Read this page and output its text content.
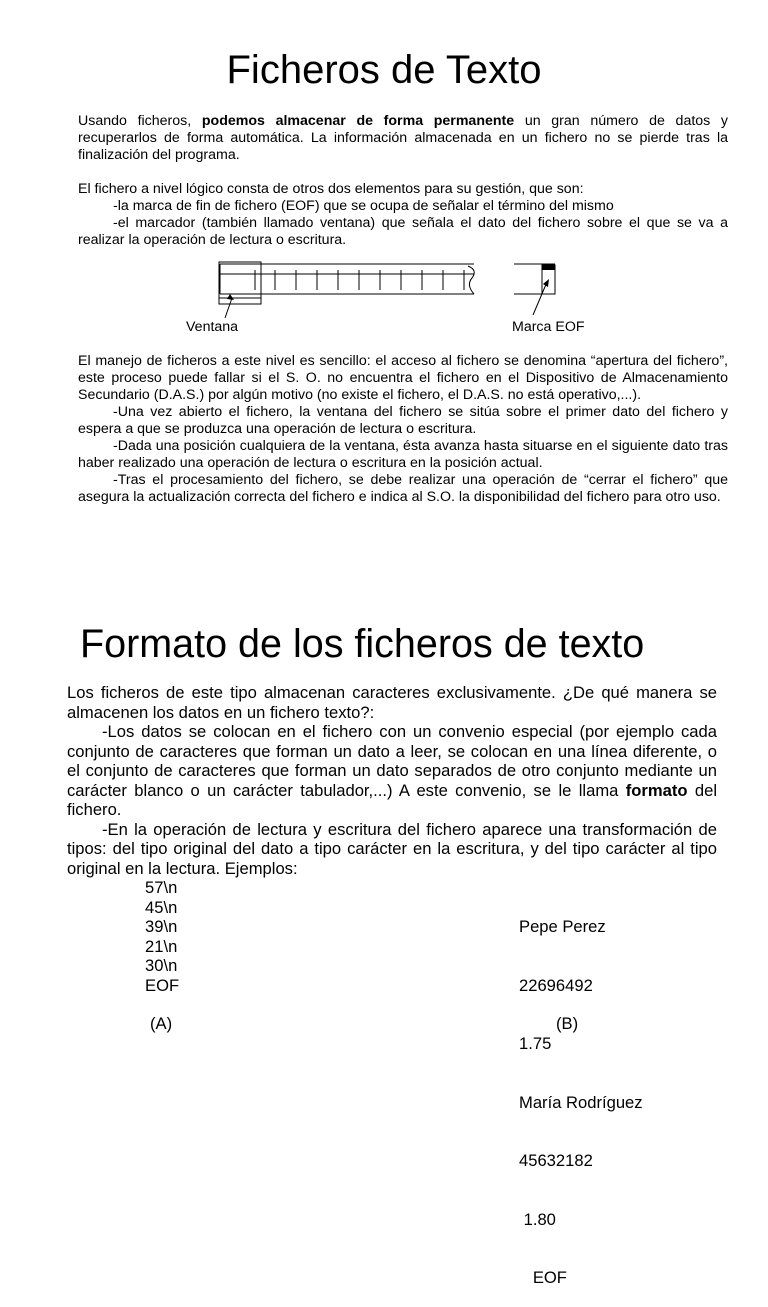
Ficheros de Texto

Usando ficheros, podemos almacenar de forma permanente un gran número de datos y recuperarlos de forma automática. La información almacenada en un fichero no se pierde tras la finalización del programa.

El fichero a nivel lógico consta de otros dos elementos para su gestión, que son:

-la marca de fin de fichero (EOF) que se ocupa de señalar el término del mismo

-el marcador (también llamado ventana) que señala el dato del fichero sobre el que se va a realizar la operación de lectura o escritura.

Ventana	Marca EOF

El manejo de ficheros a este nivel es sencillo: el acceso al fichero se denomina “apertura del fichero”, este proceso puede fallar si el S. O. no encuentra el fichero en el Dispositivo de Almacenamiento Secundario (D.A.S.) por algún motivo (no existe el fichero, el D.A.S. no está operativo,...).

-Una vez abierto el fichero, la ventana del fichero se sitúa sobre el primer dato del fichero y espera a que se produzca una operación de lectura o escritura.

-Dada una posición cualquiera de la ventana, ésta avanza hasta situarse en el siguiente dato tras haber realizado una operación de lectura o escritura en la posición actual.

-Tras el procesamiento del fichero, se debe realizar una operación de “cerrar el fichero” que asegura la actualización correcta del fichero e indica al S.O. la disponibilidad del fichero para otro uso.

Formato de los ficheros de texto

Los ficheros de este tipo almacenan caracteres exclusivamente. ¿De qué manera se almacenen los datos en un fichero texto?:

-Los datos se colocan en el fichero con un convenio especial (por ejemplo cada conjunto de caracteres que forman un dato a leer, se colocan en una línea diferente, o el conjunto de caracteres que forman un dato separados de otro conjunto mediante un carácter blanco o un carácter tabulador,...) A este convenio, se le llama formato del fichero.

-En la operación de lectura y escritura del fichero aparece una transformación de tipos: del tipo original del dato a tipo carácter en la escritura, y del tipo carácter al tipo original en la lectura. Ejemplos:

57\n
45\n
39\n
21\n
30\n
EOF

Pepe Perez

22696492

1.75

María Rodríguez

45632182

1.80

EOF

(A)	(B)
